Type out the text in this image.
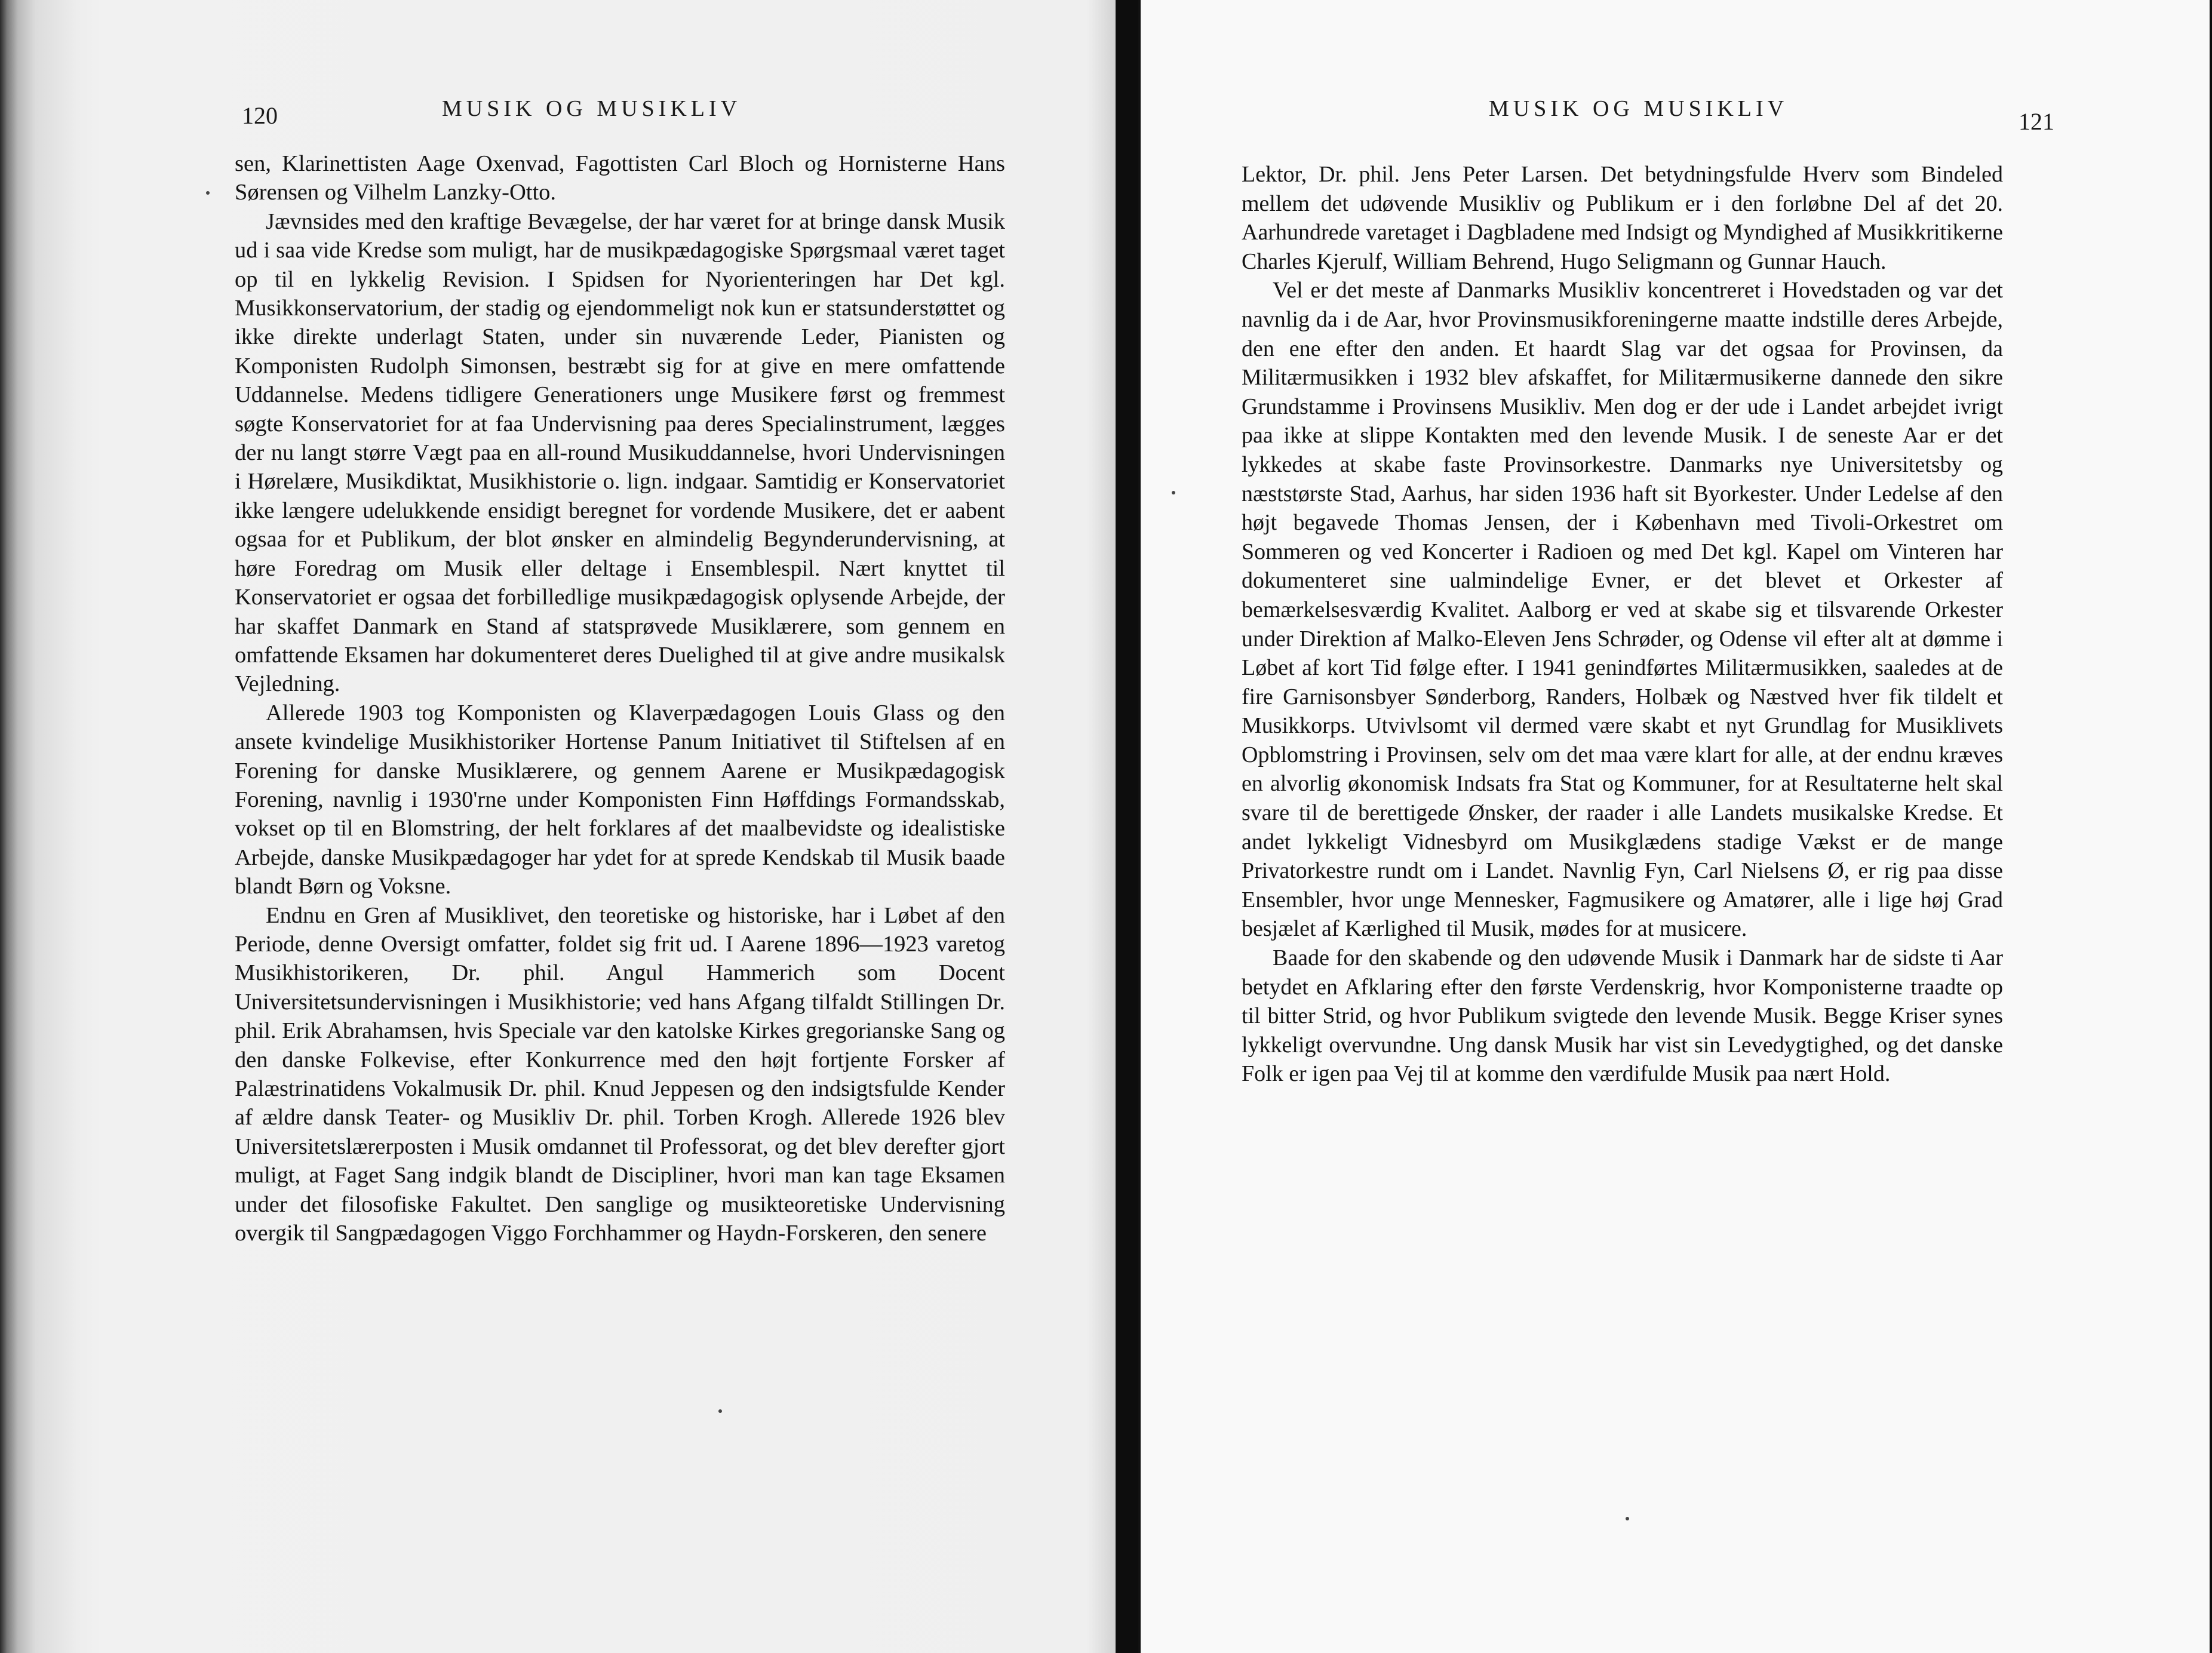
120	MUSIK OG MUSIKLIV

sen, Klarinettisten Aage Oxenvad, Fagottisten Carl Bloch og Hornisterne Hans Sørensen og Vilhelm Lanzky-Otto.

Jævnsides med den kraftige Bevægelse, der har været for at bringe dansk Musik ud i saa vide Kredse som muligt, har de musikpædagogiske Spørgsmaal været taget op til en lykkelig Revision. I Spidsen for Nyorienteringen har Det kgl. Musikkonservatorium, der stadig og ejendommeligt nok kun er statsunderstøttet og ikke direkte underlagt Staten, under sin nuværende Leder, Pianisten og Komponisten Rudolph Simonsen, bestræbt sig for at give en mere omfattende Uddannelse. Medens tidligere Generationers unge Musikere først og fremmest søgte Konservatoriet for at faa Undervisning paa deres Specialinstrument, lægges der nu langt større Vægt paa en all-round Musikuddannelse, hvori Undervisningen i Hørelære, Musikdiktat, Musikhistorie o. lign. indgaar. Samtidig er Konservatoriet ikke længere udelukkende ensidigt beregnet for vordende Musikere, det er aabent ogsaa for et Publikum, der blot ønsker en almindelig Begynderundervisning, at høre Foredrag om Musik eller deltage i Ensemblespil. Nært knyttet til Konservatoriet er ogsaa det forbilledlige musikpædagogisk oplysende Arbejde, der har skaffet Danmark en Stand af statsprøvede Musiklærere, som gennem en omfattende Eksamen har dokumenteret deres Duelighed til at give andre musikalsk Vejledning.

Allerede 1903 tog Komponisten og Klaverpædagogen Louis Glass og den ansete kvindelige Musikhistoriker Hortense Panum Initiativet til Stiftelsen af en Forening for danske Musiklærere, og gennem Aarene er Musikpædagogisk Forening, navnlig i 1930'rne under Komponisten Finn Høffdings Formandsskab, vokset op til en Blomstring, der helt forklares af det maalbevidste og idealistiske Arbejde, danske Musikpædagoger har ydet for at sprede Kendskab til Musik baade blandt Børn og Voksne.

Endnu en Gren af Musiklivet, den teoretiske og historiske, har i Løbet af den Periode, denne Oversigt omfatter, foldet sig frit ud. I Aarene 1896—1923 varetog Musikhistorikeren, Dr. phil. Angul Hammerich som Docent Universitetsundervisningen i Musikhistorie; ved hans Afgang tilfaldt Stillingen Dr. phil. Erik Abrahamsen, hvis Speciale var den katolske Kirkes gregorianske Sang og den danske Folkevise, efter Konkurrence med den højt fortjente Forsker af Palæstrinatidens Vokalmusik Dr. phil. Knud Jeppesen og den indsigtsfulde Kender af ældre dansk Teater- og Musikliv Dr. phil. Torben Krogh. Allerede 1926 blev Universitetslærerposten i Musik omdannet til Professorat, og det blev derefter gjort muligt, at Faget Sang indgik blandt de Discipliner, hvori man kan tage Eksamen under det filosofiske Fakultet. Den sanglige og musikteoretiske Undervisning overgik til Sangpædagogen Viggo Forchhammer og Haydn-Forskeren, den senere

MUSIK OG MUSIKLIV	121

Lektor, Dr. phil. Jens Peter Larsen. Det betydningsfulde Hverv som Bindeled mellem det udøvende Musikliv og Publikum er i den forløbne Del af det 20. Aarhundrede varetaget i Dagbladene med Indsigt og Myndighed af Musikkritikerne Charles Kjerulf, William Behrend, Hugo Seligmann og Gunnar Hauch.

Vel er det meste af Danmarks Musikliv koncentreret i Hovedstaden og var det navnlig da i de Aar, hvor Provinsmusikforeningerne maatte indstille deres Arbejde, den ene efter den anden. Et haardt Slag var det ogsaa for Provinsen, da Militærmusikken i 1932 blev afskaffet, for Militærmusikerne dannede den sikre Grundstamme i Provinsens Musikliv. Men dog er der ude i Landet arbejdet ivrigt paa ikke at slippe Kontakten med den levende Musik. I de seneste Aar er det lykkedes at skabe faste Provinsorkestre. Danmarks nye Universitetsby og næststørste Stad, Aarhus, har siden 1936 haft sit Byorkester. Under Ledelse af den højt begavede Thomas Jensen, der i København med Tivoli-Orkestret om Sommeren og ved Koncerter i Radioen og med Det kgl. Kapel om Vinteren har dokumenteret sine ualmindelige Evner, er det blevet et Orkester af bemærkelsesværdig Kvalitet. Aalborg er ved at skabe sig et tilsvarende Orkester under Direktion af Malko-Eleven Jens Schrøder, og Odense vil efter alt at dømme i Løbet af kort Tid følge efter. I 1941 genindførtes Militærmusikken, saaledes at de fire Garnisonsbyer Sønderborg, Randers, Holbæk og Næstved hver fik tildelt et Musikkorps. Utvivlsomt vil dermed være skabt et nyt Grundlag for Musiklivets Opblomstring i Provinsen, selv om det maa være klart for alle, at der endnu kræves en alvorlig økonomisk Indsats fra Stat og Kommuner, for at Resultaterne helt skal svare til de berettigede Ønsker, der raader i alle Landets musikalske Kredse. Et andet lykkeligt Vidnesbyrd om Musikglædens stadige Vækst er de mange Privatorkestre rundt om i Landet. Navnlig Fyn, Carl Nielsens Ø, er rig paa disse Ensembler, hvor unge Mennesker, Fagmusikere og Amatører, alle i lige høj Grad besjælet af Kærlighed til Musik, mødes for at musicere.

Baade for den skabende og den udøvende Musik i Danmark har de sidste ti Aar betydet en Afklaring efter den første Verdenskrig, hvor Komponisterne traadte op til bitter Strid, og hvor Publikum svigtede den levende Musik. Begge Kriser synes lykkeligt overvundne. Ung dansk Musik har vist sin Levedygtighed, og det danske Folk er igen paa Vej til at komme den værdifulde Musik paa nært Hold.
